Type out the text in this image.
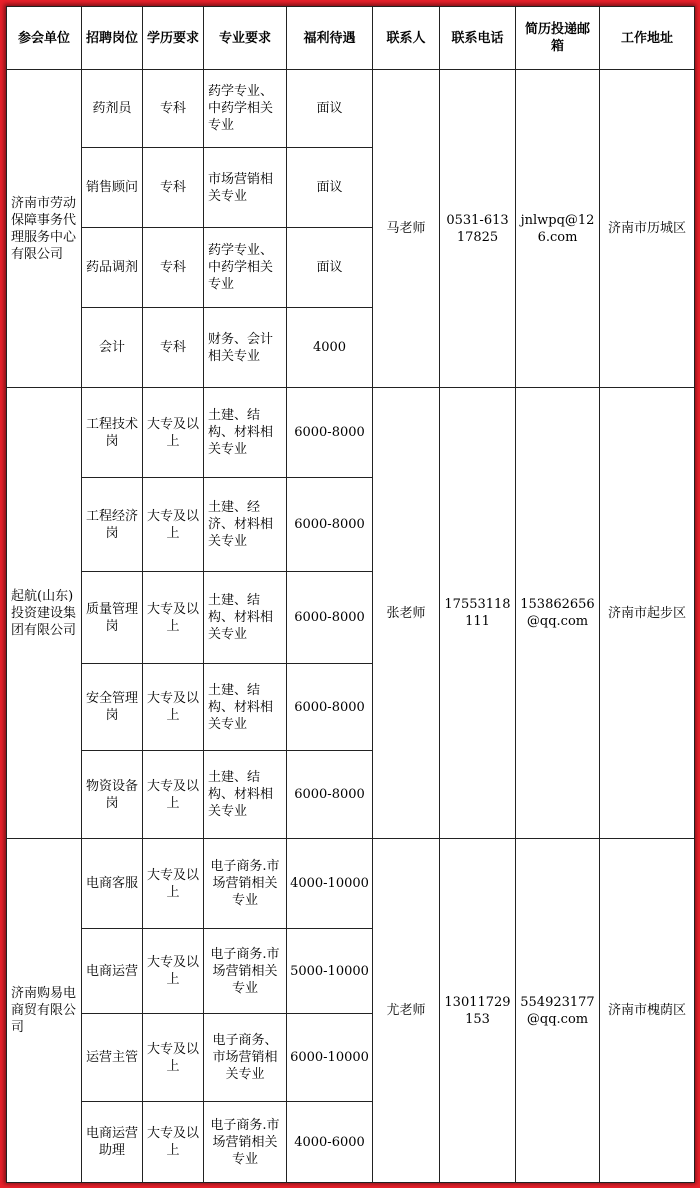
参会单位	招聘岗位	学历要求	专业要求	福利待遇	联系人	联系电话	简历投递邮箱	工作地址
济南市劳动保障事务代理服务中心有限公司	药剂员	专科	药学专业、中药学相关专业	面议	马老师	0531-61317825	jnlwpq@126.com	济南市历城区
	销售顾问	专科	市场营销相关专业	面议				
	药品调剂	专科	药学专业、中药学相关专业	面议				
	会计	专科	财务、会计相关专业	4000				
起航(山东)投资建设集团有限公司	工程技术岗	大专及以上	土建、结构、材料相关专业	6000-8000	张老师	17553118111	153862656@qq.com	济南市起步区
	工程经济岗	大专及以上	土建、经济、材料相关专业	6000-8000				
	质量管理岗	大专及以上	土建、结构、材料相关专业	6000-8000				
	安全管理岗	大专及以上	土建、结构、材料相关专业	6000-8000				
	物资设备岗	大专及以上	土建、结构、材料相关专业	6000-8000				
济南购易电商贸有限公司	电商客服	大专及以上	电子商务.市场营销相关专业	4000-10000	尤老师	13011729153	554923177@qq.com	济南市槐荫区
	电商运营	大专及以上	电子商务.市场营销相关专业	5000-10000				
	运营主管	大专及以上	电子商务、市场营销相关专业	6000-10000				
	电商运营助理	大专及以上	电子商务.市场营销相关专业	4000-6000				
